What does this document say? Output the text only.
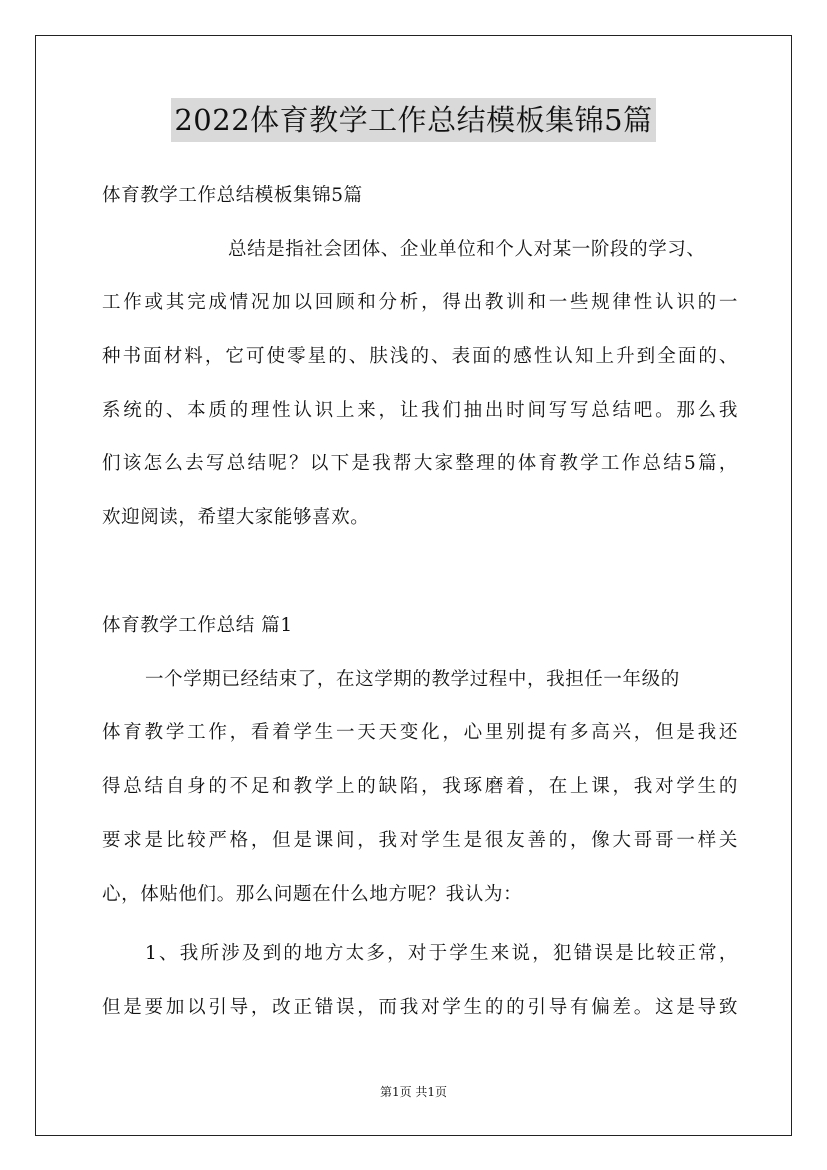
2022体育教学工作总结模板集锦5篇
体育教学工作总结模板集锦5篇
总结是指社会团体、企业单位和个人对某一阶段的学习、
工作或其完成情况加以回顾和分析，得出教训和一些规律性认识的一
种书面材料，它可使零星的、肤浅的、表面的感性认知上升到全面的、
系统的、本质的理性认识上来，让我们抽出时间写写总结吧。那么我
们该怎么去写总结呢？以下是我帮大家整理的体育教学工作总结5篇，
欢迎阅读，希望大家能够喜欢。
体育教学工作总结 篇1
一个学期已经结束了，在这学期的教学过程中，我担任一年级的
体育教学工作，看着学生一天天变化，心里别提有多高兴，但是我还
得总结自身的不足和教学上的缺陷，我琢磨着，在上课，我对学生的
要求是比较严格，但是课间，我对学生是很友善的，像大哥哥一样关
心，体贴他们。那么问题在什么地方呢？我认为：
1、我所涉及到的地方太多，对于学生来说，犯错误是比较正常，
但是要加以引导，改正错误，而我对学生的的引导有偏差。这是导致
第1页 共1页
